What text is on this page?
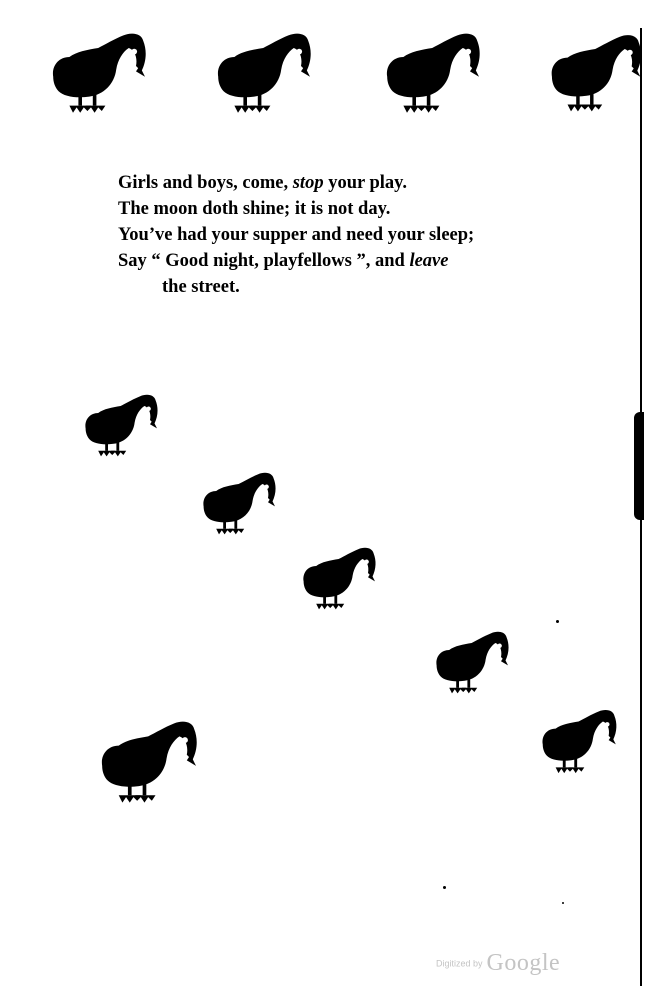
Girls and boys, come, stop your play.
The moon doth shine; it is not day.
You’ve had your supper and need your sleep;
Say “ Good night, playfellows ”, and leave
the street.
Digitized by Google
